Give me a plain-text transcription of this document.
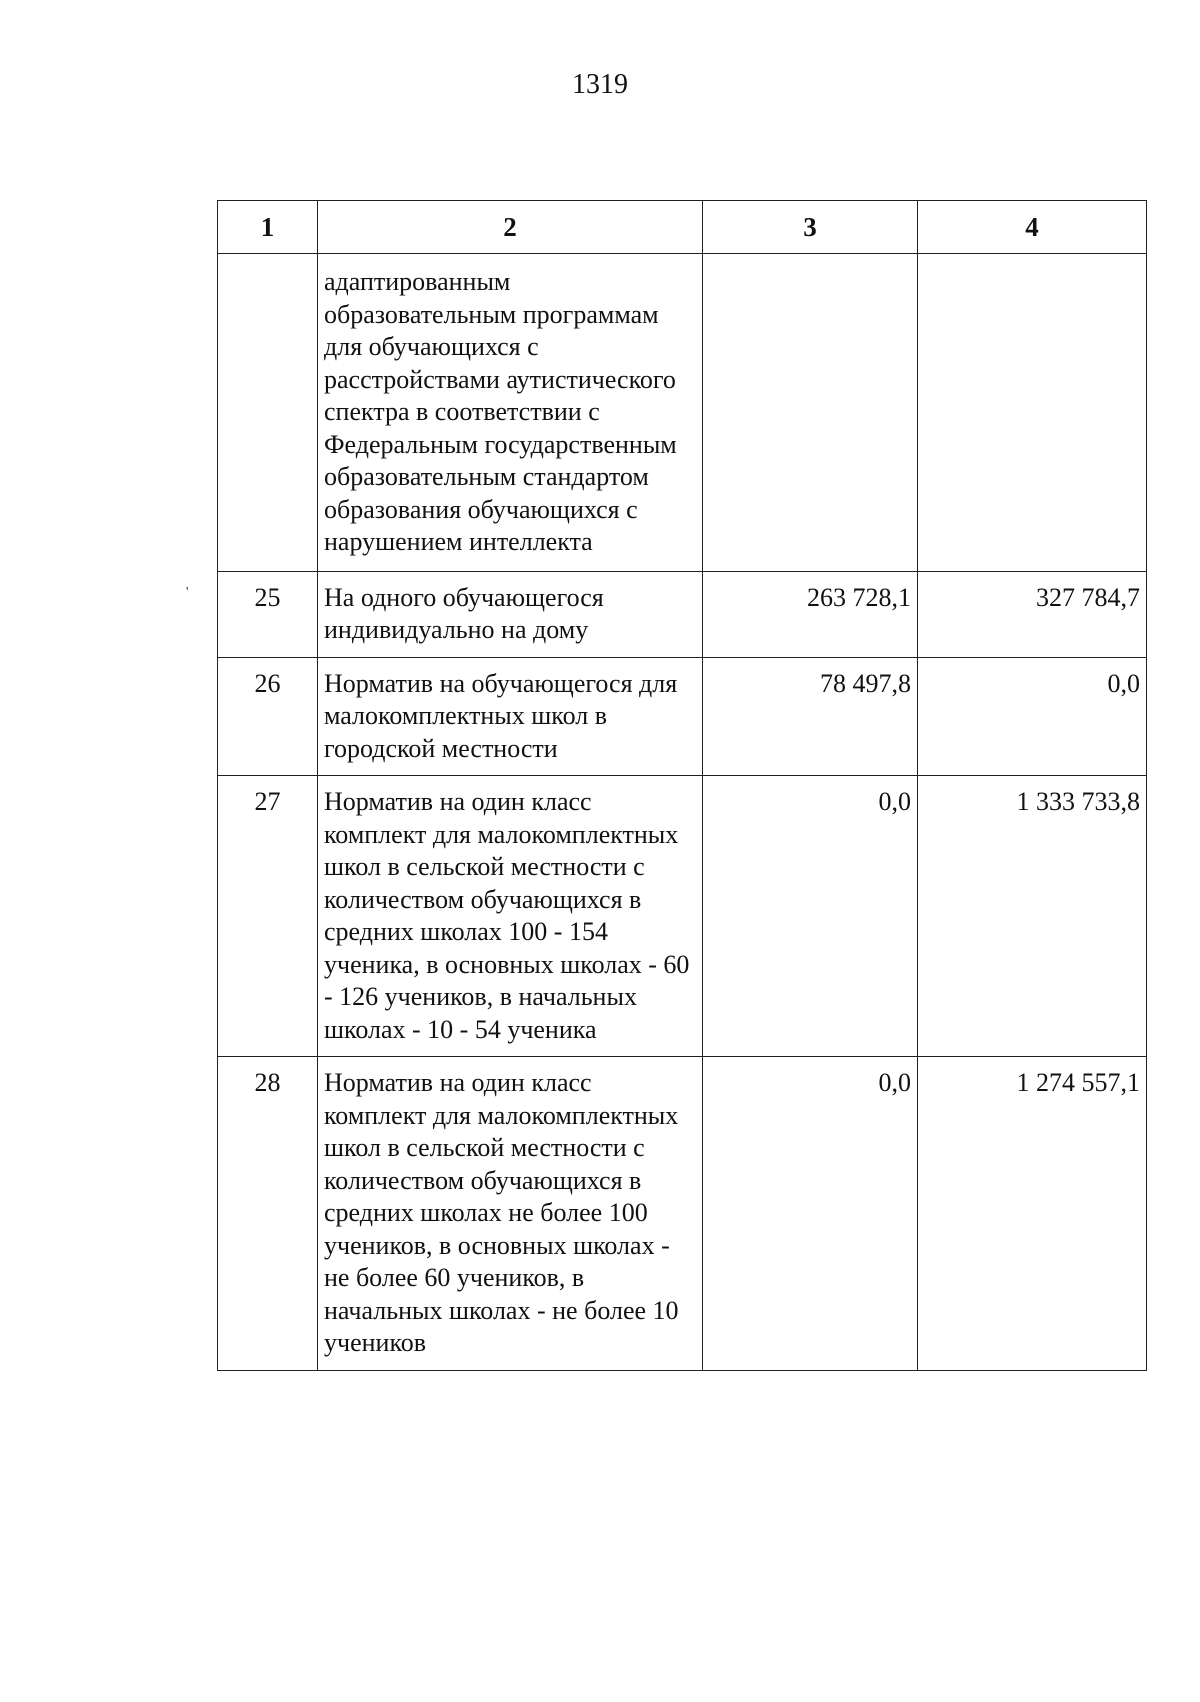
1319
'
1	2	3	4
	адаптированным образовательным программам для обучающихся с расстройствами аутистического спектра в соответствии с Федеральным государственным образовательным стандартом образования обучающихся с нарушением интеллекта		
25	На одного обучающегося индивидуально на дому	263 728,1	327 784,7
26	Норматив на обучающегося для малокомплектных школ в городской местности	78 497,8	0,0
27	Норматив на один класс комплект для малокомплектных школ в сельской местности с количеством обучающихся в средних школах 100 - 154 ученика, в основных школах - 60 - 126 учеников, в начальных школах - 10 - 54 ученика	0,0	1 333 733,8
28	Норматив на один класс комплект для малокомплектных школ в сельской местности с количеством обучающихся в средних школах не более 100 учеников, в основных школах - не более 60 учеников, в начальных школах - не более 10 учеников	0,0	1 274 557,1
